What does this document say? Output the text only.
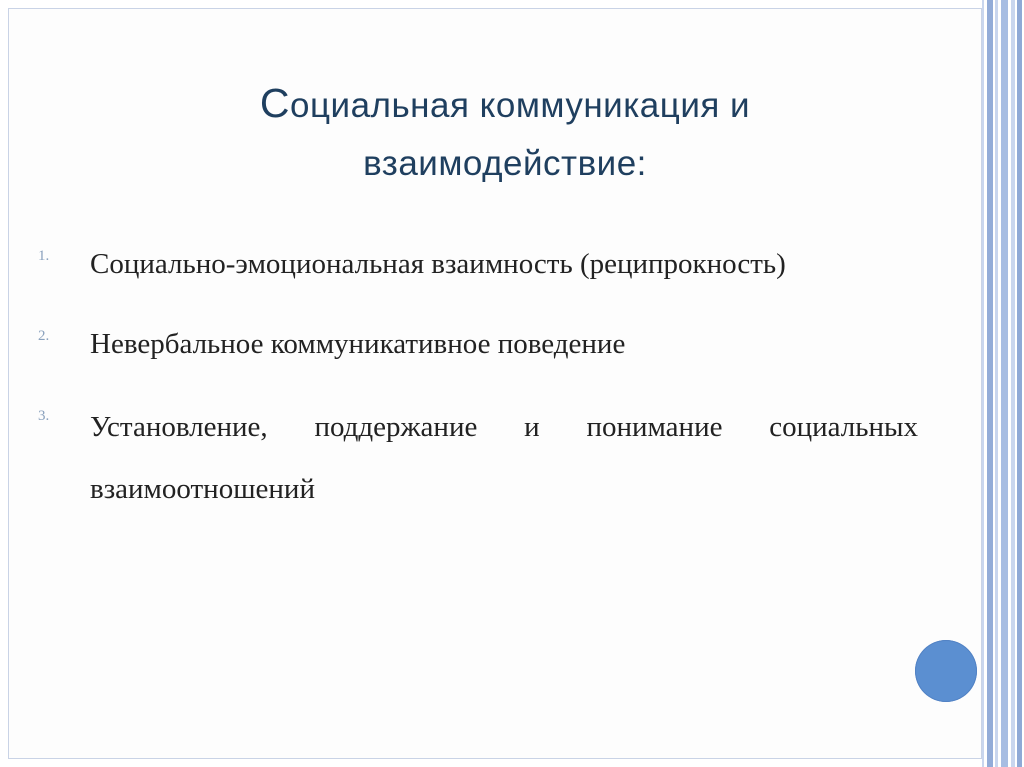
Социальная коммуникация и
взаимодействие:
1. Социально-эмоциональная взаимность (реципрокность)
2. Невербальное коммуникативное поведение
3. Установление, поддержание и понимание социальных взаимоотношений
